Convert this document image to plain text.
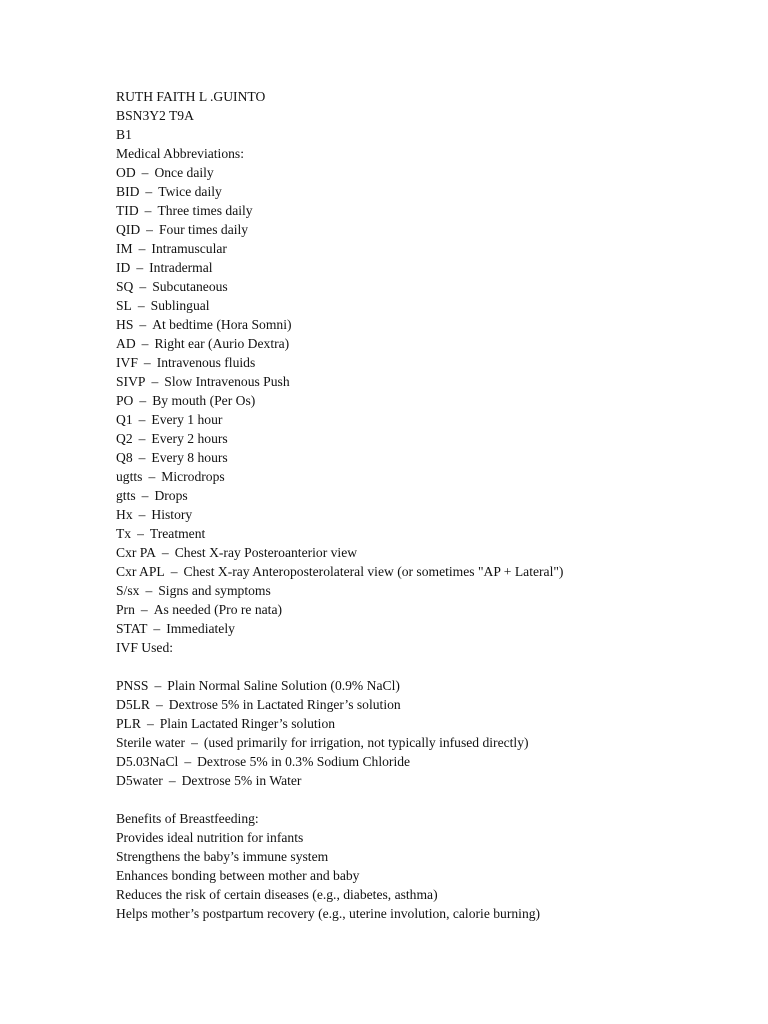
RUTH FAITH L .GUINTO
BSN3Y2 T9A
B1
Medical Abbreviations:
OD – Once daily
BID – Twice daily
TID – Three times daily
QID – Four times daily
IM – Intramuscular
ID – Intradermal
SQ – Subcutaneous
SL – Sublingual
HS – At bedtime (Hora Somni)
AD – Right ear (Aurio Dextra)
IVF – Intravenous fluids
SIVP – Slow Intravenous Push
PO – By mouth (Per Os)
Q1 – Every 1 hour
Q2 – Every 2 hours
Q8 – Every 8 hours
ugtts – Microdrops
gtts – Drops
Hx – History
Tx – Treatment
Cxr PA – Chest X-ray Posteroanterior view
Cxr APL – Chest X-ray Anteroposterolateral view (or sometimes "AP + Lateral")
S/sx – Signs and symptoms
Prn – As needed (Pro re nata)
STAT – Immediately
IVF Used:
PNSS – Plain Normal Saline Solution (0.9% NaCl)
D5LR – Dextrose 5% in Lactated Ringer’s solution
PLR – Plain Lactated Ringer’s solution
Sterile water – (used primarily for irrigation, not typically infused directly)
D5.03NaCl – Dextrose 5% in 0.3% Sodium Chloride
D5water – Dextrose 5% in Water
Benefits of Breastfeeding:
Provides ideal nutrition for infants
Strengthens the baby’s immune system
Enhances bonding between mother and baby
Reduces the risk of certain diseases (e.g., diabetes, asthma)
Helps mother’s postpartum recovery (e.g., uterine involution, calorie burning)
